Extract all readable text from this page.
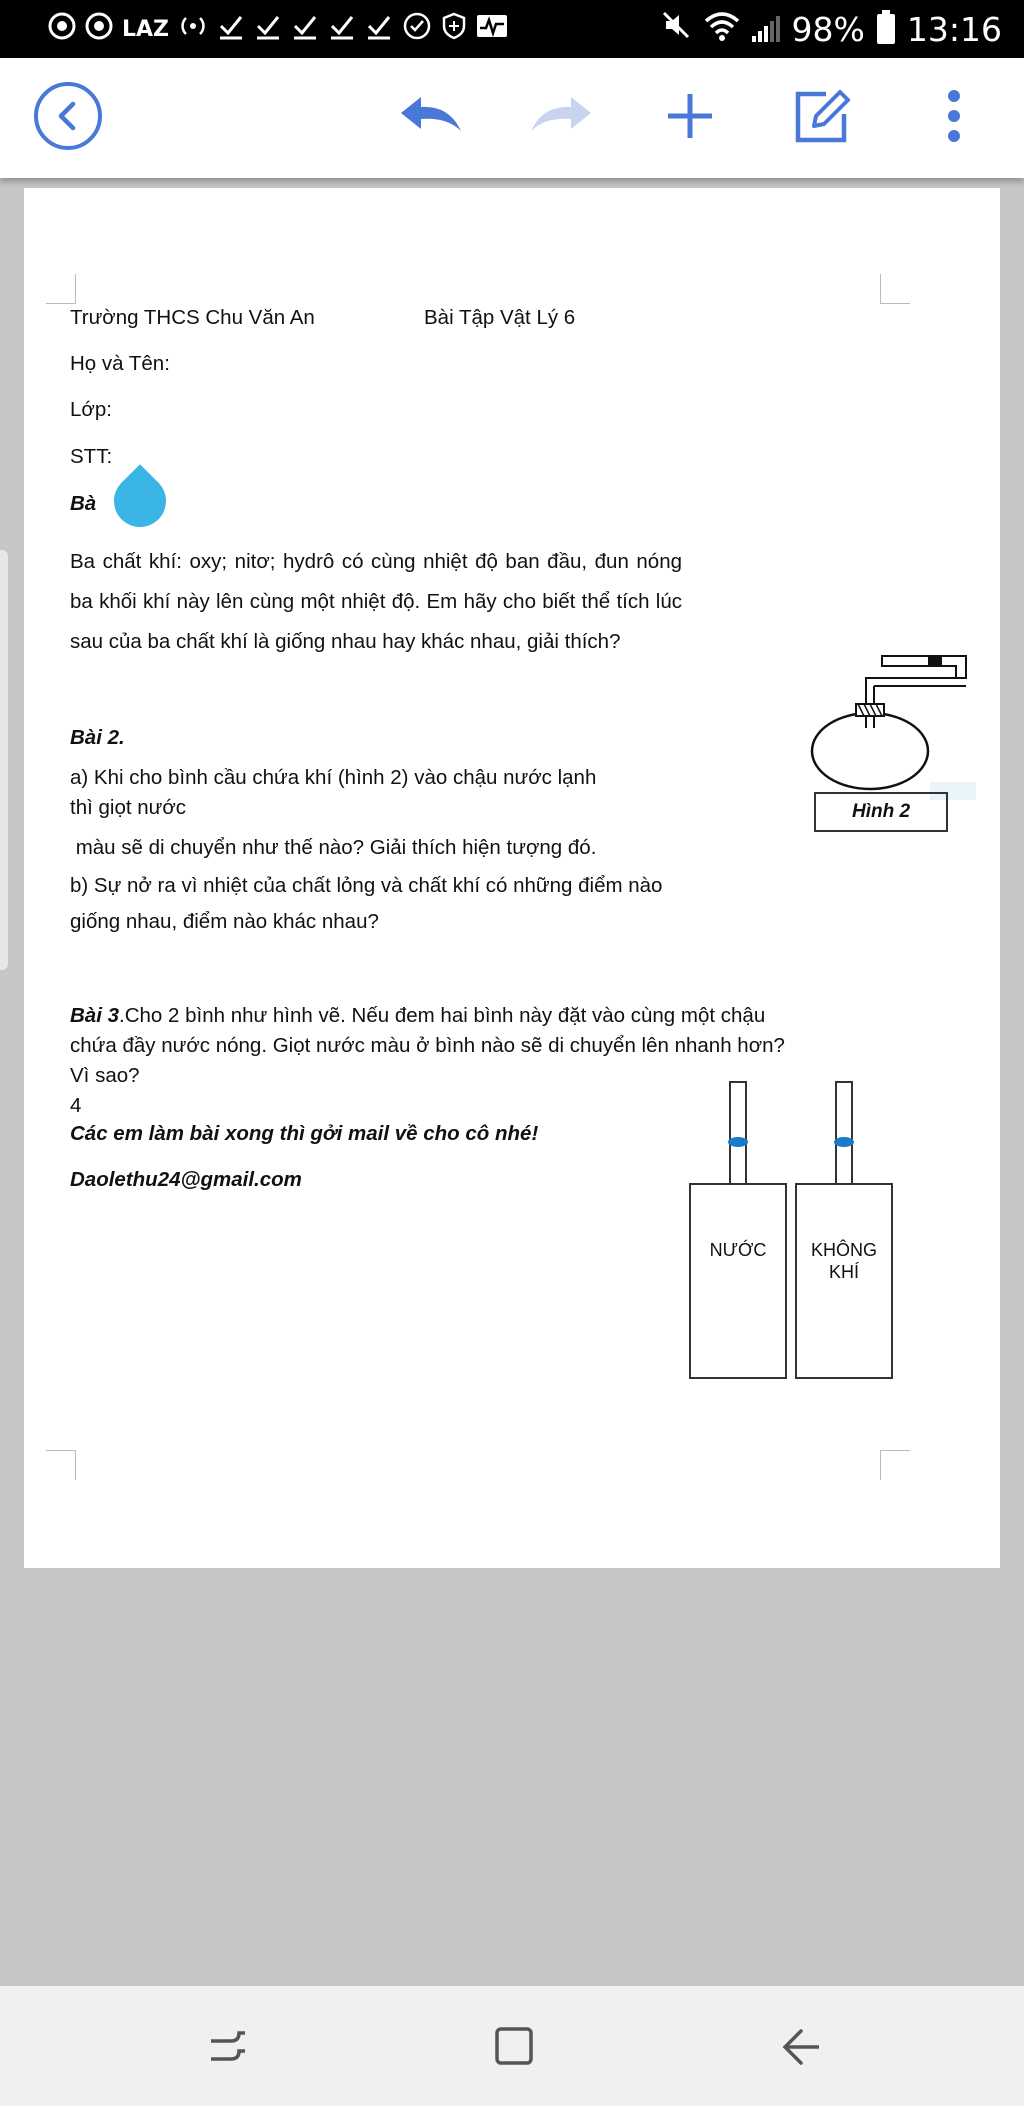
LAZ	98% 13:16
Trường THCS Chu Văn An	Bài Tập Vật Lý 6
Họ và Tên:
Lớp:
STT:
Bà
Ba chất khí: oxy; nitơ; hydrô có cùng nhiệt độ ban đầu, đun nóng ba khối khí này lên cùng một nhiệt độ. Em hãy cho biết thể tích lúc sau của ba chất khí là giống nhau hay khác nhau, giải thích?
Bài 2.
a) Khi cho bình cầu chứa khí (hình 2) vào chậu nước lạnh
thì giọt nước
màu sẽ di chuyển như thế nào? Giải thích hiện tượng đó.
b) Sự nở ra vì nhiệt của chất lỏng và chất khí có những điểm nào
giống nhau, điểm nào khác nhau?
Hình 2
Bài 3.Cho 2 bình như hình vẽ. Nếu đem hai bình này đặt vào cùng một chậu
chứa đầy nước nóng. Giọt nước màu ở bình nào sẽ di chuyển lên nhanh hơn?
Vì sao?
4
Các em làm bài xong thì gởi mail về cho cô nhé!
Daolethu24@gmail.com
NƯỚC	KHÔNG
KHÍ
